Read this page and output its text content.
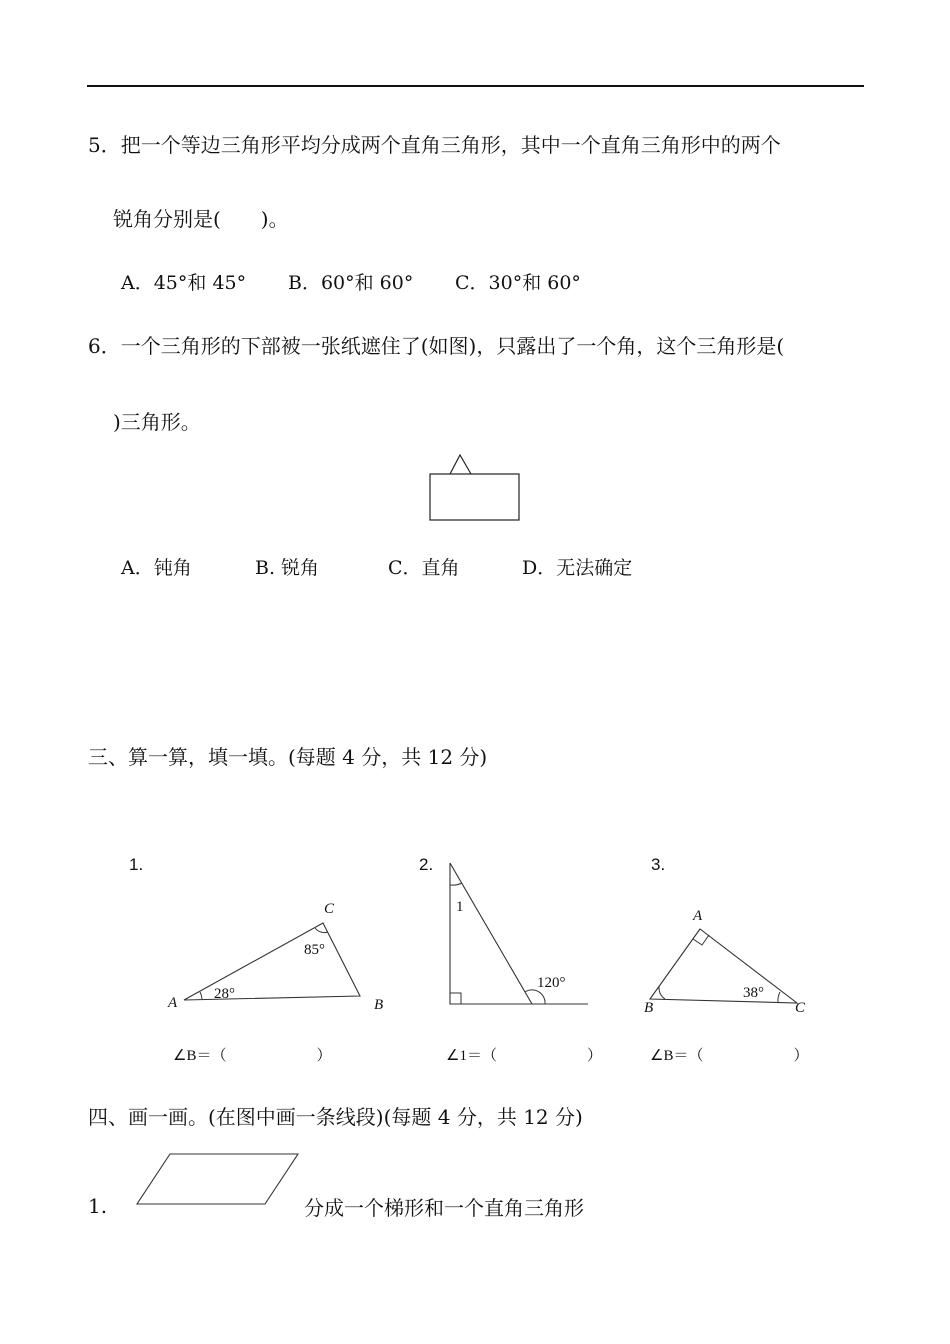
5．把一个等边三角形平均分成两个直角三角形，其中一个直角三角形中的两个
锐角分别是(　　)。
A．45°和 45° B．60°和 60° C．30°和 60°
6．一个三角形的下部被一张纸遮住了(如图)，只露出了一个角，这个三角形是(
)三角形。
A．钝角	B. 锐角	C．直角	D．无法确定
三、算一算，填一填。(每题 4 分，共 12 分)
1.
A	B
C
28°
85°
∠B＝（　　　　　　）
2.
1
120°
∠1＝（　　　　　　）
3.
A
B	C
38°
∠B＝（　　　　　　）
四、画一画。(在图中画一条线段)(每题 4 分，共 12 分)
1.	分成一个梯形和一个直角三角形
